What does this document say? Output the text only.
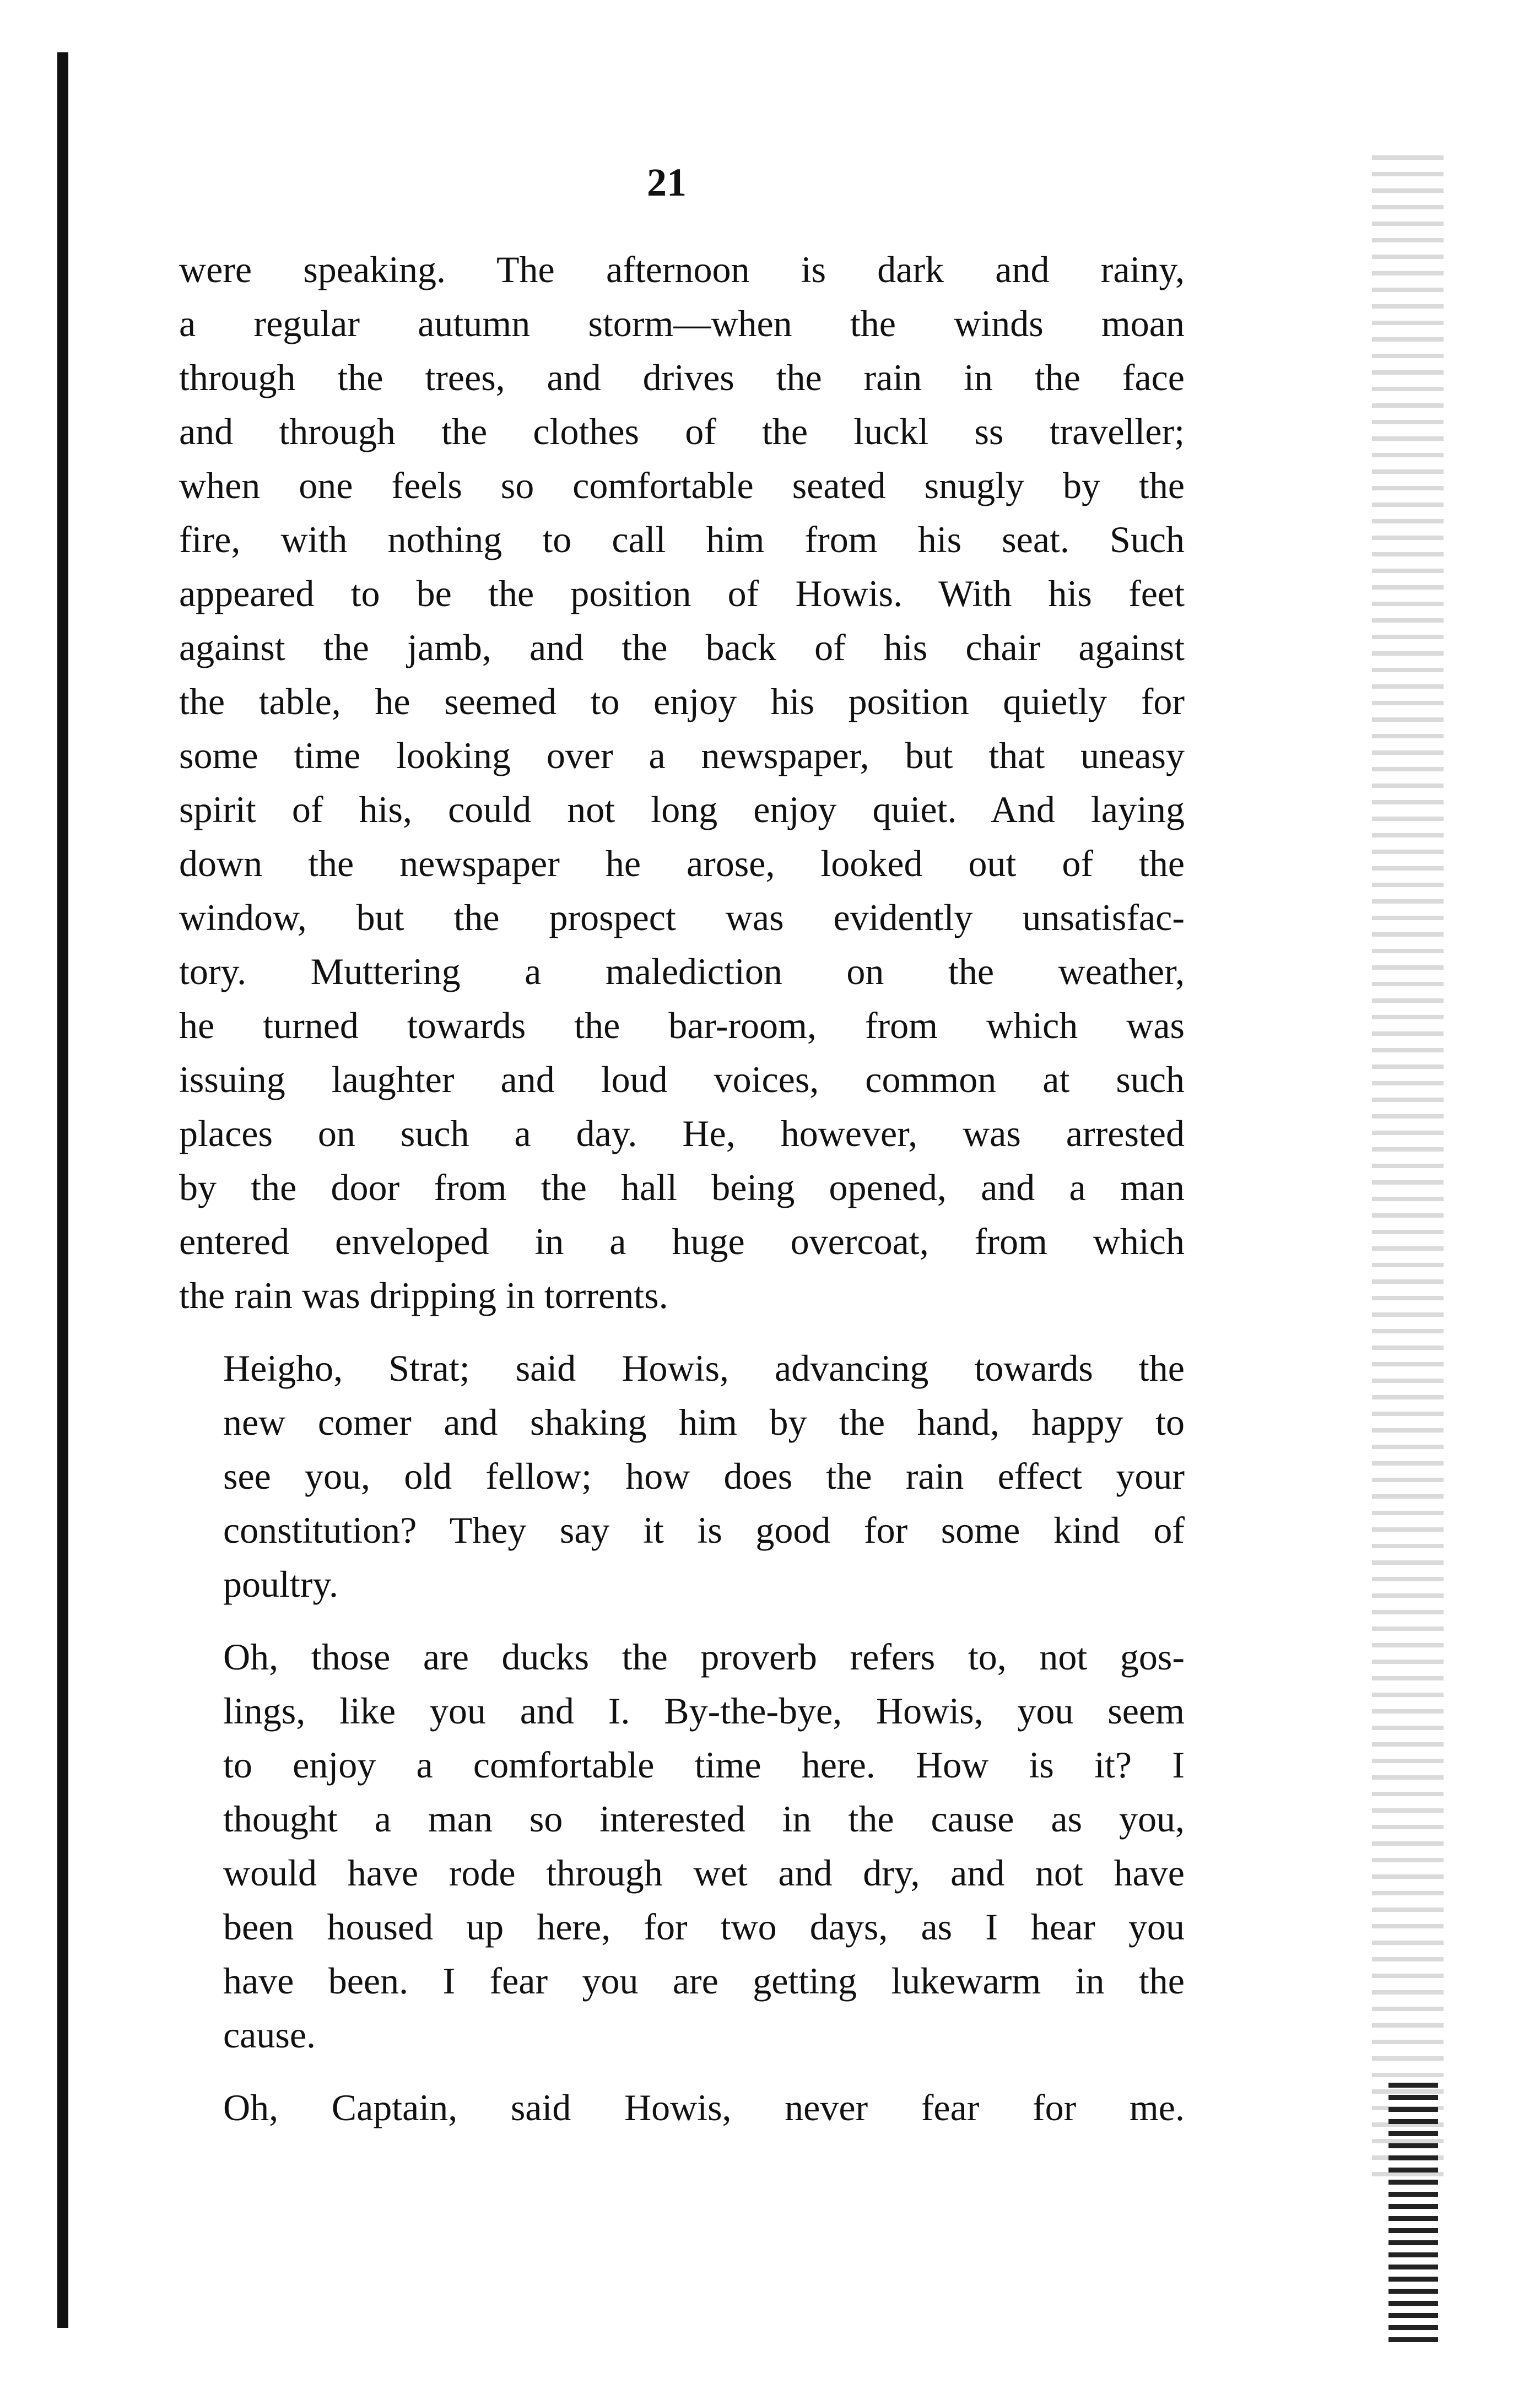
21

were speaking. The afternoon is dark and rainy,
a regular autumn storm—when the winds moan
through the trees, and drives the rain in the face
and through the clothes of the luckl ss traveller;
when one feels so comfortable seated snugly by the
fire, with nothing to call him from his seat. Such
appeared to be the position of Howis. With his feet
against the jamb, and the back of his chair against
the table, he seemed to enjoy his position quietly for
some time looking over a newspaper, but that uneasy
spirit of his, could not long enjoy quiet. And laying
down the newspaper he arose, looked out of the
window, but the prospect was evidently unsatisfac-
tory. Muttering a malediction on the weather,
he turned towards the bar-room, from which was
issuing laughter and loud voices, common at such
places on such a day. He, however, was arrested
by the door from the hall being opened, and a man
entered enveloped in a huge overcoat, from which
the rain was dripping in torrents.

Heigho, Strat; said Howis, advancing towards the
new comer and shaking him by the hand, happy to
see you, old fellow; how does the rain effect your
constitution? They say it is good for some kind of
poultry.

Oh, those are ducks the proverb refers to, not gos-
lings, like you and I. By-the-bye, Howis, you seem
to enjoy a comfortable time here. How is it? I
thought a man so interested in the cause as you,
would have rode through wet and dry, and not have
been housed up here, for two days, as I hear you
have been. I fear you are getting lukewarm in the
cause.

Oh, Captain, said Howis, never fear for me.
